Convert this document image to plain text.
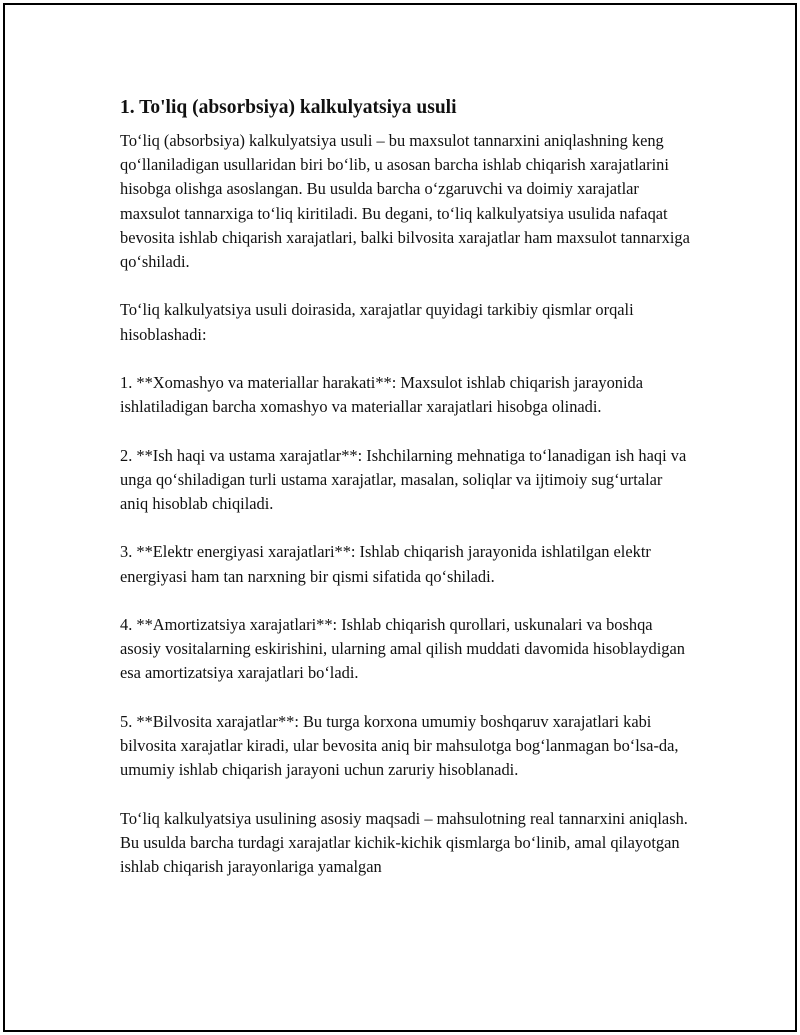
1. To'liq (absorbsiya) kalkulyatsiya usuli

To‘liq (absorbsiya) kalkulyatsiya usuli – bu maxsulot tannarxini aniqlashning keng qo‘llaniladigan usullaridan biri bo‘lib, u asosan barcha ishlab chiqarish xarajatlarini hisobga olishga asoslangan. Bu usulda barcha o‘zgaruvchi va doimiy xarajatlar maxsulot tannarxiga to‘liq kiritiladi. Bu degani, to‘liq kalkulyatsiya usulida nafaqat bevosita ishlab chiqarish xarajatlari, balki bilvosita xarajatlar ham maxsulot tannarxiga qo‘shiladi.

To‘liq kalkulyatsiya usuli doirasida, xarajatlar quyidagi tarkibiy qismlar orqali hisoblashadi:

1. **Xomashyo va materiallar harakati**: Maxsulot ishlab chiqarish jarayonida ishlatiladigan barcha xomashyo va materiallar xarajatlari hisobga olinadi.

2. **Ish haqi va ustama xarajatlar**: Ishchilarning mehnatiga to‘lanadigan ish haqi va unga qo‘shiladigan turli ustama xarajatlar, masalan, soliqlar va ijtimoiy sug‘urtalar aniq hisoblab chiqiladi.

3. **Elektr energiyasi xarajatlari**: Ishlab chiqarish jarayonida ishlatilgan elektr energiyasi ham tan narxning bir qismi sifatida qo‘shiladi.

4. **Amortizatsiya xarajatlari**: Ishlab chiqarish qurollari, uskunalari va boshqa asosiy vositalarning eskirishini, ularning amal qilish muddati davomida hisoblaydigan esa amortizatsiya xarajatlari bo‘ladi.

5. **Bilvosita xarajatlar**: Bu turga korxona umumiy boshqaruv xarajatlari kabi bilvosita xarajatlar kiradi, ular bevosita aniq bir mahsulotga bog‘lanmagan bo‘lsa-da, umumiy ishlab chiqarish jarayoni uchun zaruriy hisoblanadi.

To‘liq kalkulyatsiya usulining asosiy maqsadi – mahsulotning real tannarxini aniqlash. Bu usulda barcha turdagi xarajatlar kichik-kichik qismlarga bo‘linib, amal qilayotgan ishlab chiqarish jarayonlariga yamalgan
